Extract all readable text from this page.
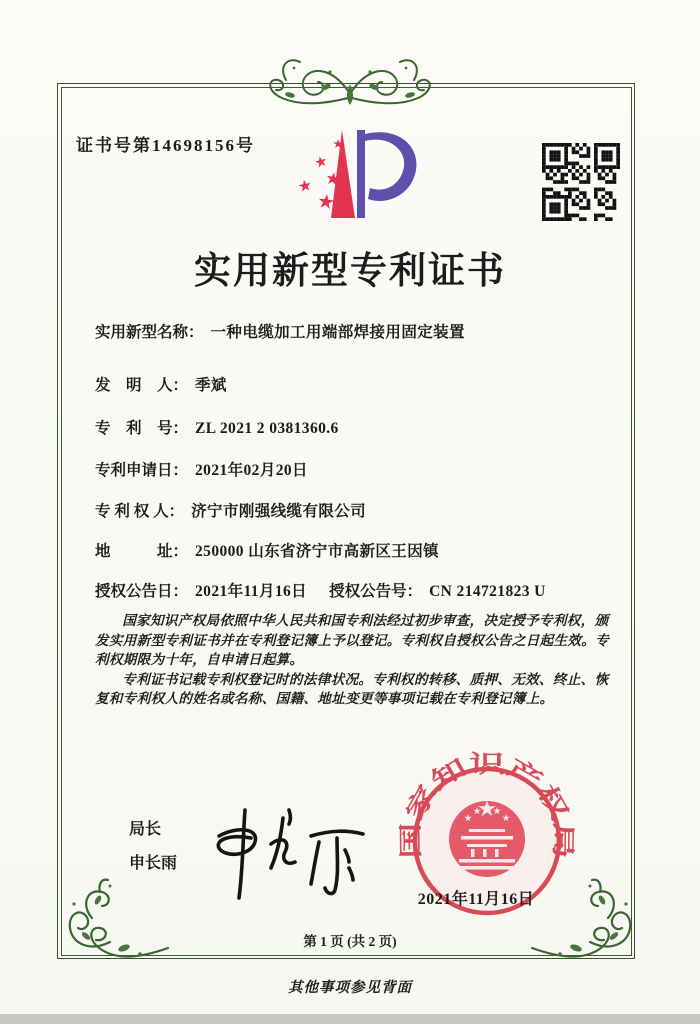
证书号第14698156号
实用新型专利证书
实用新型名称： 一种电缆加工用端部焊接用固定装置
发　明　人： 季斌
专　利　号： ZL 2021 2 0381360.6
专利申请日： 2021年02月20日
专 利 权 人： 济宁市刚强线缆有限公司
地　　　址： 250000 山东省济宁市高新区王因镇
授权公告日： 2021年11月16日 授权公告号： CN 214721823 U

国家知识产权局依照中华人民共和国专利法经过初步审查，决定授予专利权，颁发实用新型专利证书并在专利登记簿上予以登记。专利权自授权公告之日起生效。专利权期限为十年，自申请日起算。

专利证书记载专利权登记时的法律状况。专利权的转移、质押、无效、终止、恢复和专利权人的姓名或名称、国籍、地址变更等事项记载在专利登记簿上。

局长
申长雨
国家知识产权局
2021年11月16日
第 1 页 (共 2 页)
其他事项参见背面
